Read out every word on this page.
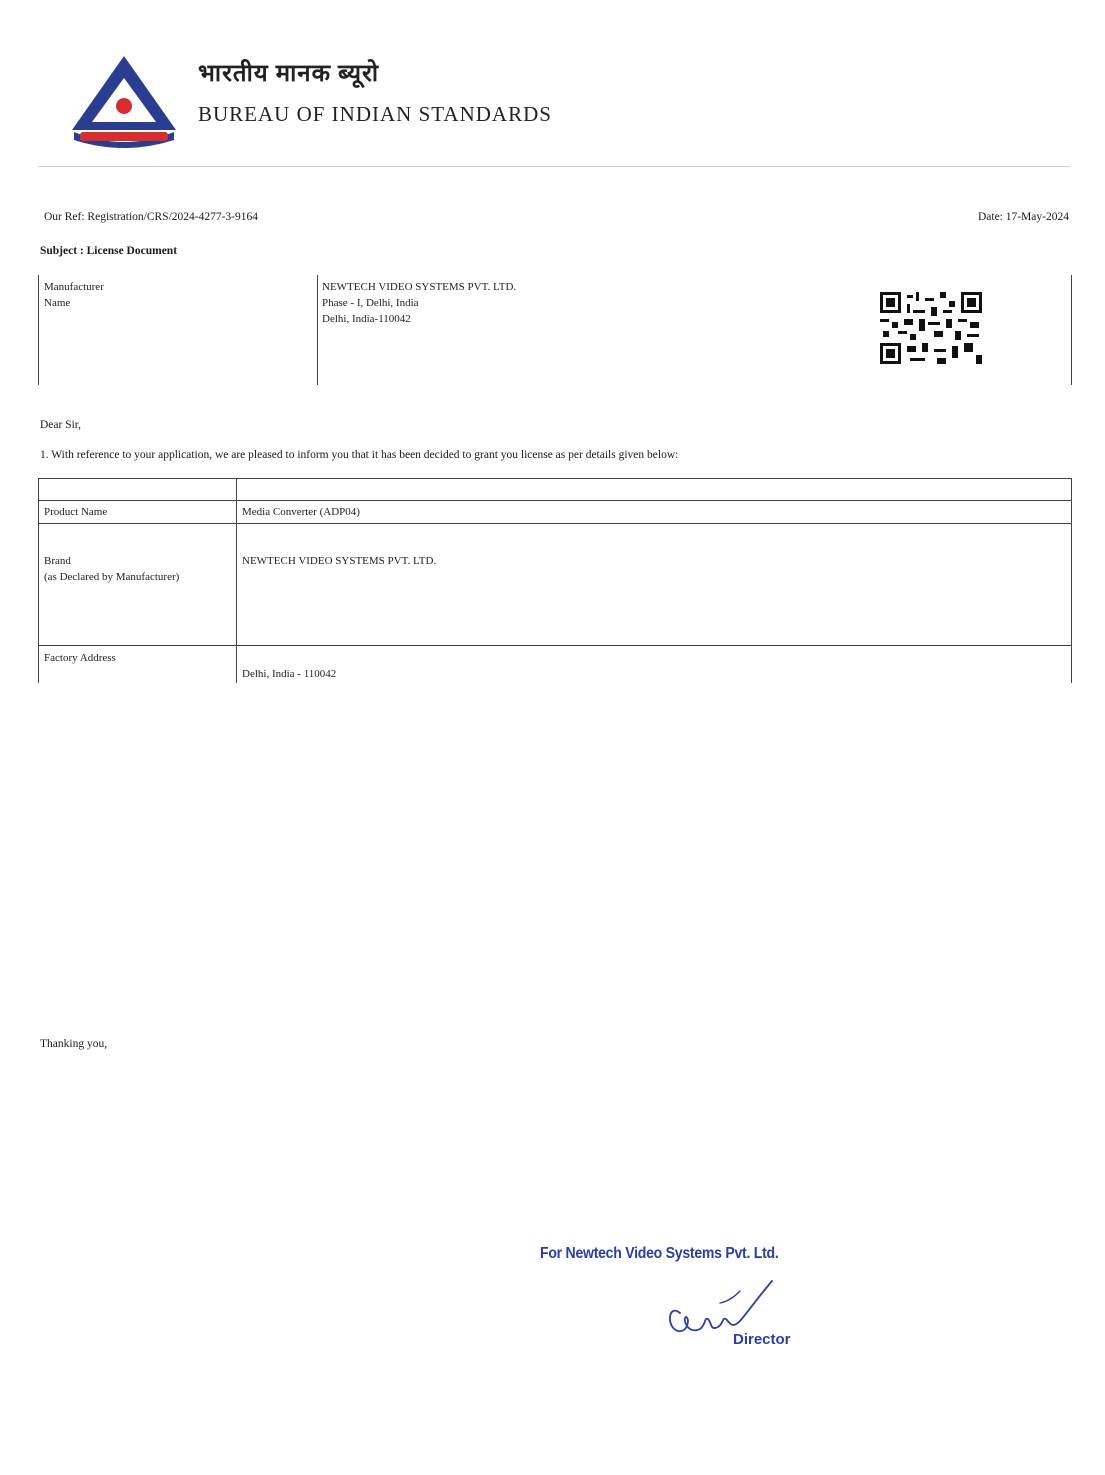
भारतीय मानक ब्यूरो
BUREAU OF INDIAN STANDARDS
Our Ref: Registration/CRS/2024-4277-3-9164	Date: 17-May-2024
Subject : License Document
Manufacturer
Name
NEWTECH VIDEO SYSTEMS PVT. LTD.
Phase - I, Delhi, India
Delhi, India-110042
Dear Sir,
1. With reference to your application, we are pleased to inform you that it has been decided to grant you license as per details given below:
Product Name	Media Converter (ADP04)
Brand
(as Declared by Manufacturer)
NEWTECH VIDEO SYSTEMS PVT. LTD.
Factory Address
Delhi, India - 110042
Thanking you,
For Newtech Video Systems Pvt. Ltd.
Director
